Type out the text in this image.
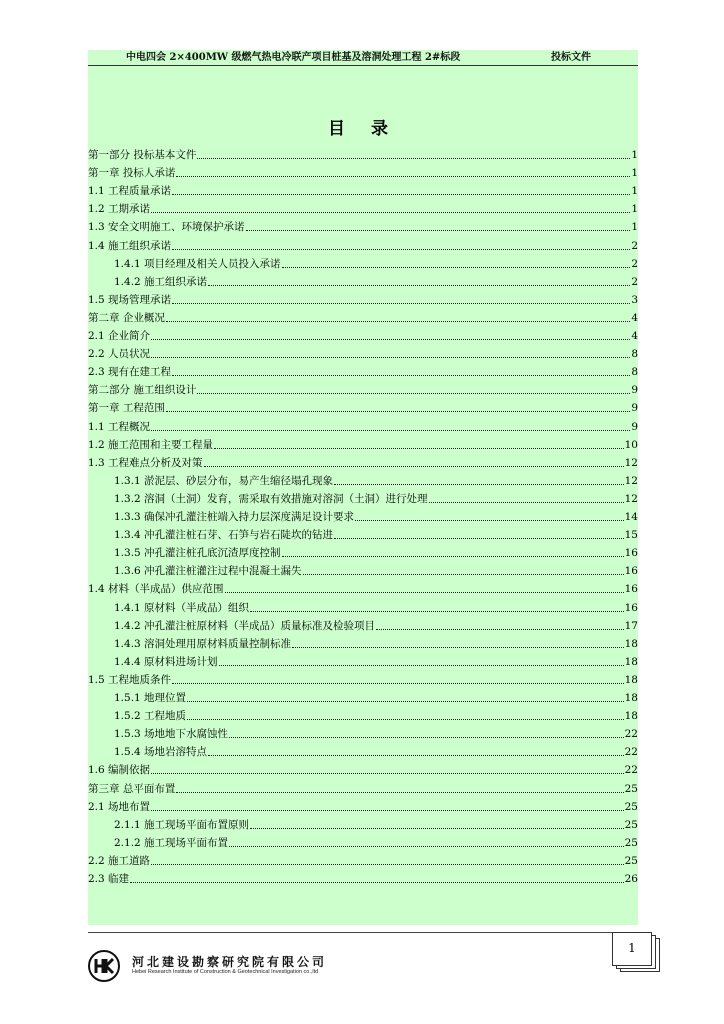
中电四会 2×400MW 级燃气热电冷联产项目桩基及溶洞处理工程 2#标段	投标文件
目 录
第一部分 投标基本文件	1
第一章 投标人承诺	1
1.1 工程质量承诺	1
1.2 工期承诺	1
1.3 安全文明施工、环境保护承诺	1
1.4 施工组织承诺	2
1.4.1 项目经理及相关人员投入承诺	2
1.4.2 施工组织承诺	2
1.5 现场管理承诺	3
第二章 企业概况	4
2.1 企业简介	4
2.2 人员状况	8
2.3 现有在建工程	8
第二部分 施工组织设计	9
第一章 工程范围	9
1.1 工程概况	9
1.2 施工范围和主要工程量	10
1.3 工程难点分析及对策	12
1.3.1 淤泥层、砂层分布，易产生缩径塌孔现象	12
1.3.2 溶洞（土洞）发育，需采取有效措施对溶洞（土洞）进行处理	12
1.3.3 确保冲孔灌注桩端入持力层深度满足设计要求	14
1.3.4 冲孔灌注桩石芽、石笋与岩石陡坎的钻进	15
1.3.5 冲孔灌注桩孔底沉渣厚度控制	16
1.3.6 冲孔灌注桩灌注过程中混凝土漏失	16
1.4 材料（半成品）供应范围	16
1.4.1 原材料（半成品）组织	16
1.4.2 冲孔灌注桩原材料（半成品）质量标准及检验项目	17
1.4.3 溶洞处理用原材料质量控制标准	18
1.4.4 原材料进场计划	18
1.5 工程地质条件	18
1.5.1 地理位置	18
1.5.2 工程地质	18
1.5.3 场地地下水腐蚀性	22
1.5.4 场地岩溶特点	22
1.6 编制依据	22
第三章 总平面布置	25
2.1 场地布置	25
2.1.1 施工现场平面布置原则	25
2.1.2 施工现场平面布置	25
2.2 施工道路	25
2.3 临建	26
河北建设勘察研究院有限公司
Hebei Research Institute of Construction & Geotechnical Investigation co.,ltd
1
